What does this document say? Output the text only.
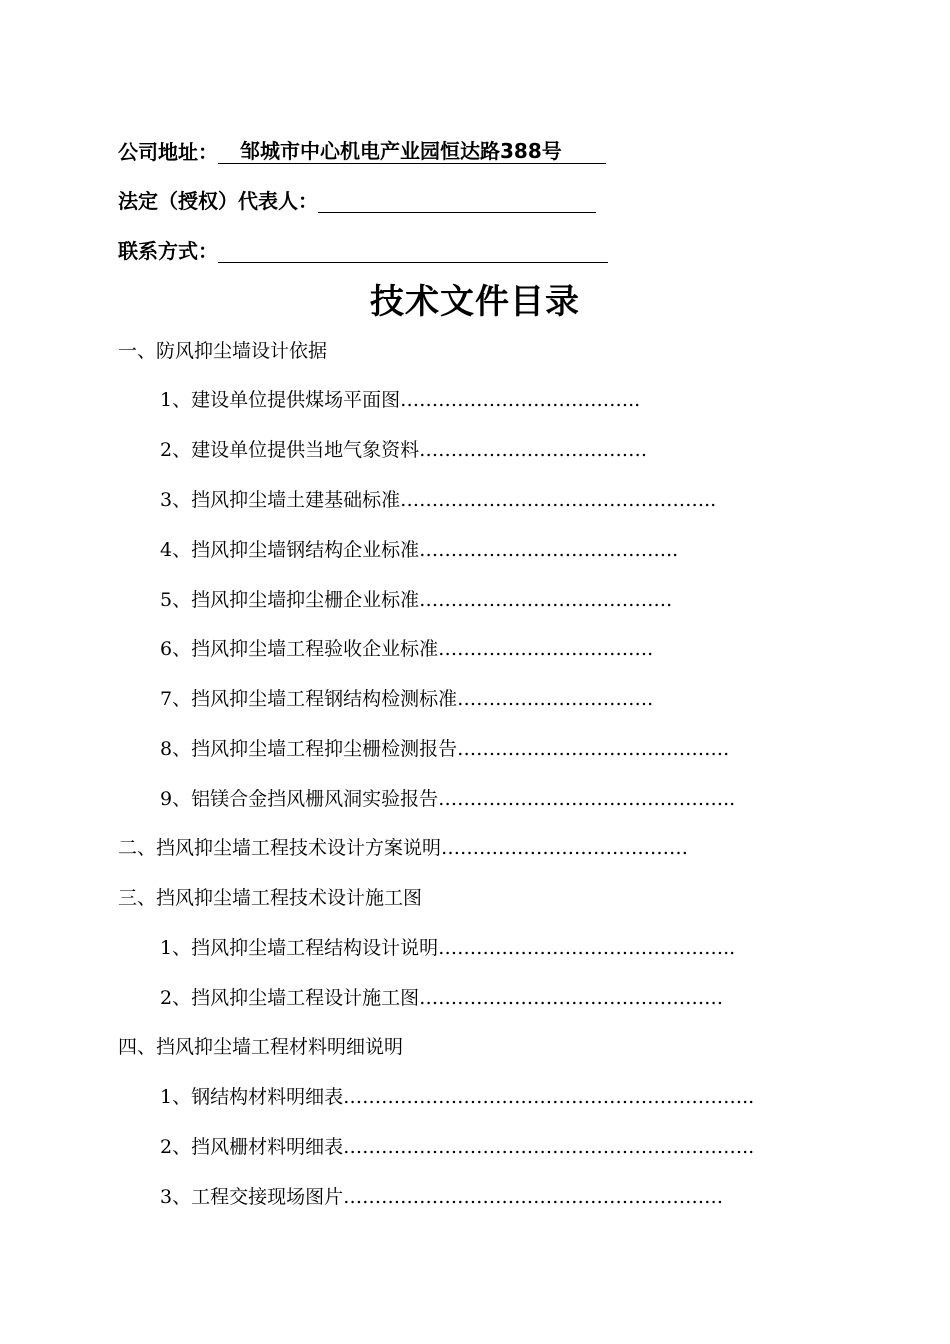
公司地址： 邹城市中心机电产业园恒达路388号
法定（授权）代表人：
联系方式：
技术文件目录
一、防风抑尘墙设计依据
1、建设单位提供煤场平面图………………………………..
2、建设单位提供当地气象资料………………………………
3、挡风抑尘墙土建基础标准…………………………………………..
4、挡风抑尘墙钢结构企业标准…………………………………..
5、挡风抑尘墙抑尘栅企业标准………………………………….
6、挡风抑尘墙工程验收企业标准…………………………….
7、挡风抑尘墙工程钢结构检测标准………………………….
8、挡风抑尘墙工程抑尘栅检测报告…………………………………….
9、铝镁合金挡风栅风洞实验报告………………………………………..
二、挡风抑尘墙工程技术设计方案说明…………………………………
三、挡风抑尘墙工程技术设计施工图
1、挡风抑尘墙工程结构设计说明………………………………………..
2、挡风抑尘墙工程设计施工图…………………………………………
四、挡风抑尘墙工程材料明细说明
1、钢结构材料明细表………………………………………………………..
2、挡风栅材料明细表………………………………………………………..
3、工程交接现场图片……………………………………………………
